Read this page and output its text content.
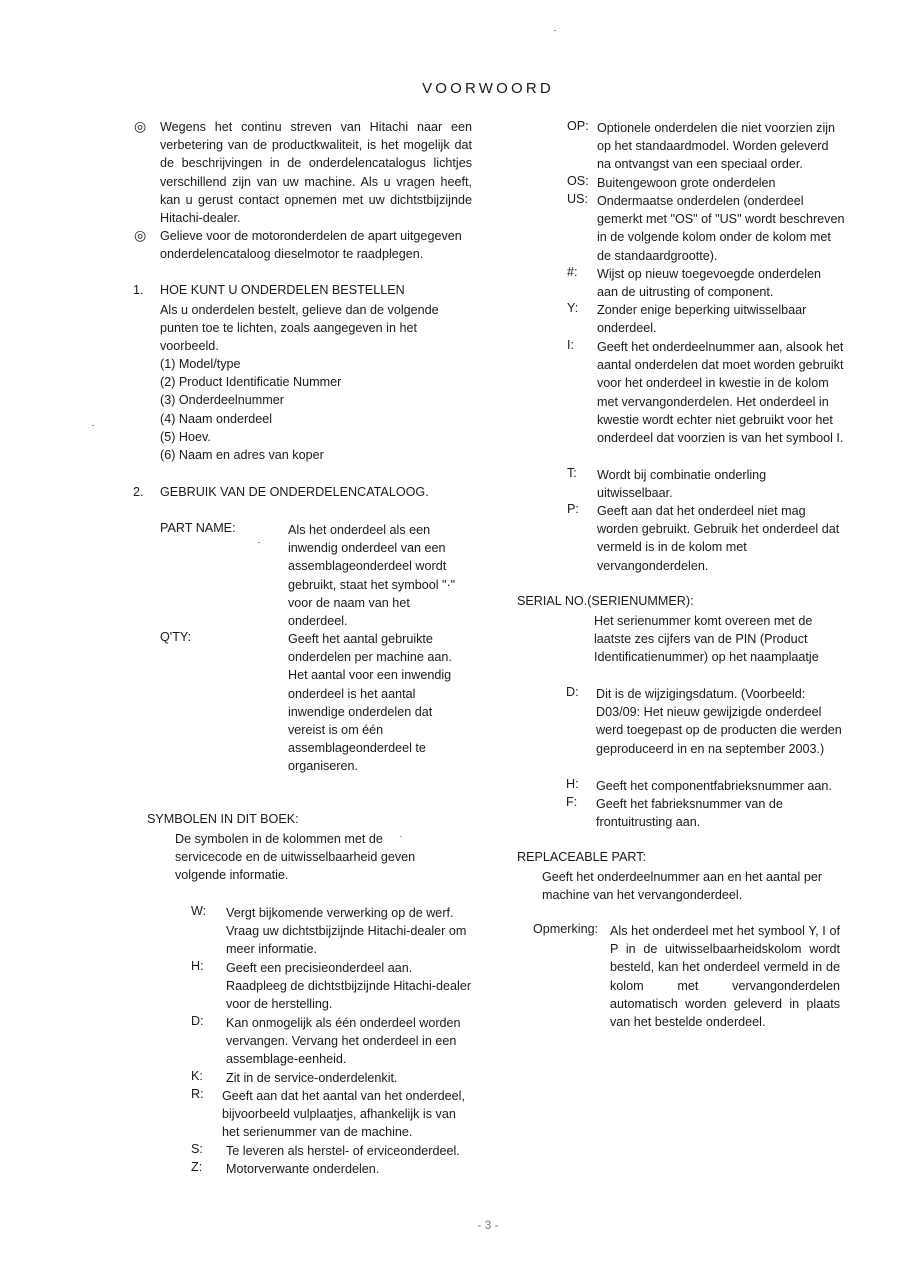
VOORWOORD
◎ Wegens het continu streven van Hitachi naar een verbetering van de productkwaliteit, is het mogelijk dat de beschrijvingen in de onderdelencatalogus lichtjes verschillend zijn van uw machine. Als u vragen heeft, kan u gerust contact opnemen met uw dichtstbijzijnde Hitachi-dealer.
◎ Gelieve voor de motoronderdelen de apart uitgegeven onderdelencataloog dieselmotor te raadplegen.
1. HOE KUNT U ONDERDELEN BESTELLEN
Als u onderdelen bestelt, gelieve dan de volgende punten toe te lichten, zoals aangegeven in het voorbeeld.
(1) Model/type
(2) Product Identificatie Nummer
(3) Onderdeelnummer
(4) Naam onderdeel
(5) Hoev.
(6) Naam en adres van koper
2. GEBRUIK VAN DE ONDERDELENCATALOOG.
PART NAME:	Als het onderdeel als een inwendig onderdeel van een assemblageonderdeel wordt gebruikt, staat het symbool "·" voor de naam van het onderdeel.
Q'TY:	Geeft het aantal gebruikte onderdelen per machine aan. Het aantal voor een inwendig onderdeel is het aantal inwendige onderdelen dat vereist is om één assemblageonderdeel te organiseren.
SYMBOLEN IN DIT BOEK:
De symbolen in de kolommen met de servicecode en de uitwisselbaarheid geven volgende informatie.
W: Vergt bijkomende verwerking op de werf. Vraag uw dichtstbijzijnde Hitachi-dealer om meer informatie.
H: Geeft een precisieonderdeel aan. Raadpleeg de dichtstbijzijnde Hitachi-dealer voor de herstelling.
D: Kan onmogelijk als één onderdeel worden vervangen. Vervang het onderdeel in een assemblage-eenheid.
K: Zit in de service-onderdelenkit.
R: Geeft aan dat het aantal van het onderdeel, bijvoorbeeld vulplaatjes, afhankelijk is van het serienummer van de machine.
S: Te leveren als herstel- of erviceonderdeel.
Z: Motorverwante onderdelen.
OP: Optionele onderdelen die niet voorzien zijn op het standaardmodel. Worden geleverd na ontvangst van een speciaal order.
OS: Buitengewoon grote onderdelen
US: Ondermaatse onderdelen (onderdeel gemerkt met "OS" of "US" wordt beschreven in de volgende kolom onder de kolom met de standaardgrootte).
#: Wijst op nieuw toegevoegde onderdelen aan de uitrusting of component.
Y: Zonder enige beperking uitwisselbaar onderdeel.
I: Geeft het onderdeelnummer aan, alsook het aantal onderdelen dat moet worden gebruikt voor het onderdeel in kwestie in de kolom met vervangonderdelen. Het onderdeel in kwestie wordt echter niet gebruikt voor het onderdeel dat voorzien is van het symbool I.
T: Wordt bij combinatie onderling uitwisselbaar.
P: Geeft aan dat het onderdeel niet mag worden gebruikt. Gebruik het onderdeel dat vermeld is in de kolom met vervangonderdelen.
SERIAL NO.(SERIENUMMER):
Het serienummer komt overeen met de laatste zes cijfers van de PIN (Product Identificatienummer) op het naamplaatje
D: Dit is de wijzigingsdatum. (Voorbeeld: D03/09: Het nieuw gewijzigde onderdeel werd toegepast op de producten die werden geproduceerd in en na september 2003.)
H: Geeft het componentfabrieksnummer aan.
F: Geeft het fabrieksnummer van de frontuitrusting aan.
REPLACEABLE PART:
Geeft het onderdeelnummer aan en het aantal per machine van het vervangonderdeel.
Opmerking: Als het onderdeel met het symbool Y, I of P in de uitwisselbaarheidskolom wordt besteld, kan het onderdeel vermeld in de kolom met vervangonderdelen automatisch worden geleverd in plaats van het bestelde onderdeel.
- 3 -
